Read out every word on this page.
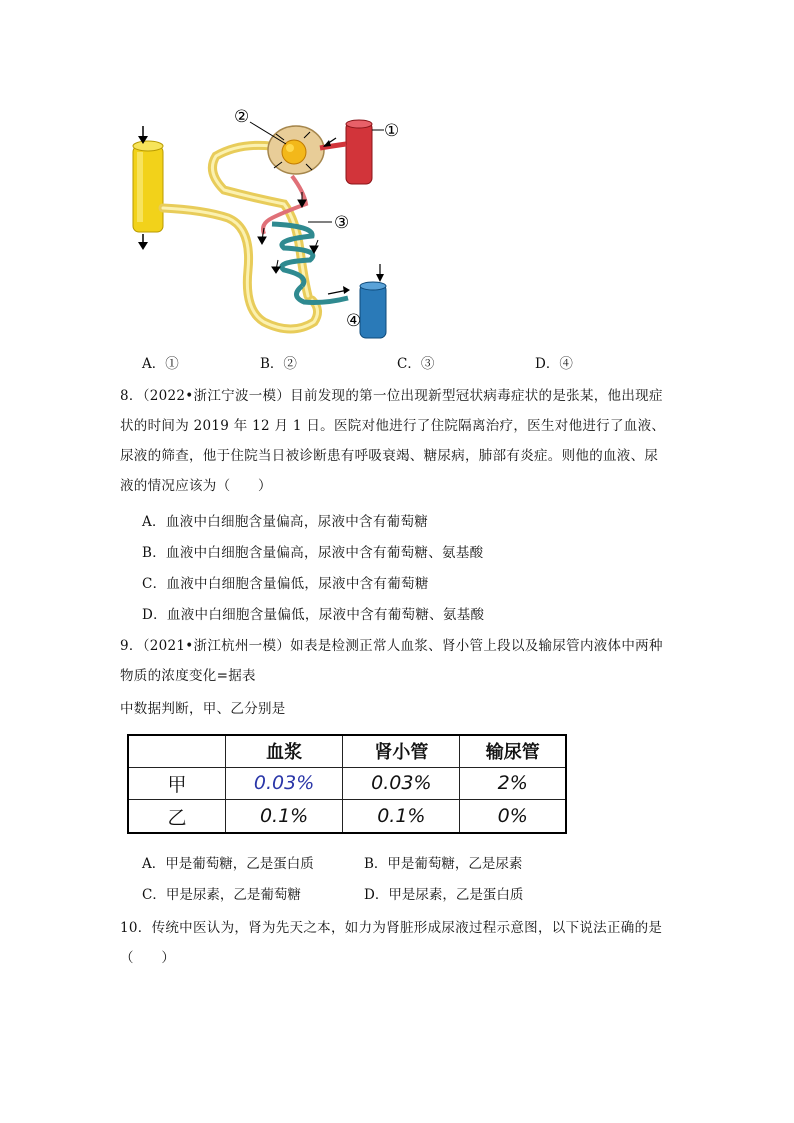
②
①
③
④
A．①	B．②	C．③	D．④
8．（2022•浙江宁波一模）目前发现的第一位出现新型冠状病毒症状的是张某，他出现症
状的时间为 2019 年 12 月 1 日。医院对他进行了住院隔离治疗，医生对他进行了血液、
尿液的筛查，他于住院当日被诊断患有呼吸衰竭、糖尿病，肺部有炎症。则他的血液、尿
液的情况应该为（　　）
A．血液中白细胞含量偏高，尿液中含有葡萄糖
B．血液中白细胞含量偏高，尿液中含有葡萄糖、氨基酸
C．血液中白细胞含量偏低，尿液中含有葡萄糖
D．血液中白细胞含量偏低，尿液中含有葡萄糖、氨基酸
9．（2021•浙江杭州一模）如表是检测正常人血浆、肾小管上段以及输尿管内液体中两种
物质的浓度变化=据表
中数据判断，甲、乙分别是
	血浆	肾小管	输尿管
甲	0.03%	0.03%	2%
乙	0.1%	0.1%	0%
A．甲是葡萄糖，乙是蛋白质	B．甲是葡萄糖，乙是尿素
C．甲是尿素，乙是葡萄糖	D．甲是尿素，乙是蛋白质
10．传统中医认为，肾为先天之本，如力为肾脏形成尿液过程示意图，以下说法正确的是
（　　）
